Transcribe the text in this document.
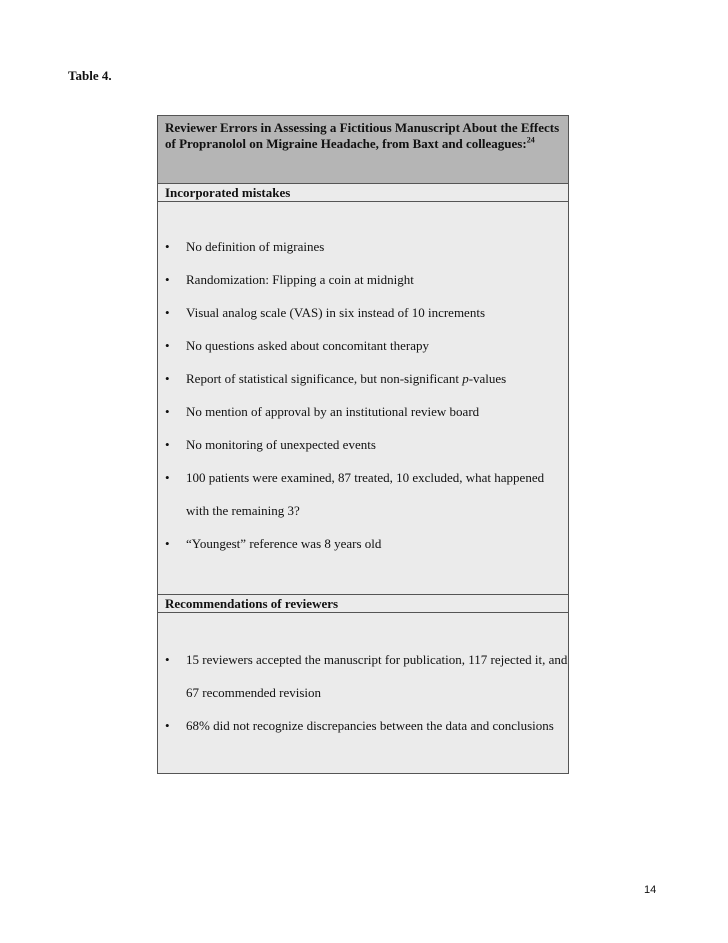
Table 4.
Reviewer Errors in Assessing a Fictitious Manuscript About the Effects of Propranolol on Migraine Headache, from Baxt and colleagues:$^{24}$
Incorporated mistakes
• No definition of migraines
• Randomization: Flipping a coin at midnight
• Visual analog scale (VAS) in six instead of 10 increments
• No questions asked about concomitant therapy
• Report of statistical significance, but non-significant p-values
• No mention of approval by an institutional review board
• No monitoring of unexpected events
• 100 patients were examined, 87 treated, 10 excluded, what happened with the remaining 3?
• “Youngest” reference was 8 years old
Recommendations of reviewers
• 15 reviewers accepted the manuscript for publication, 117 rejected it, and 67 recommended revision
• 68% did not recognize discrepancies between the data and conclusions
14
